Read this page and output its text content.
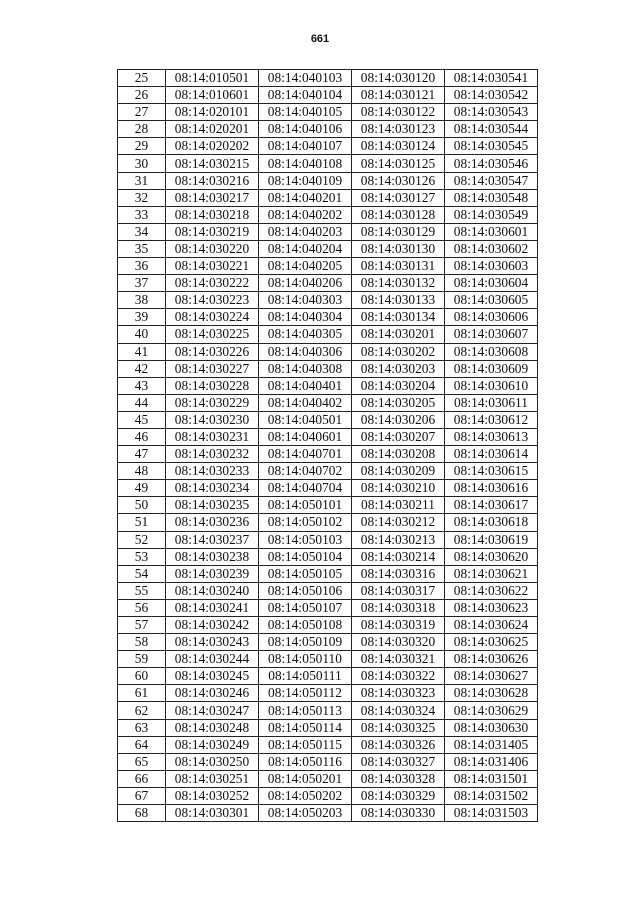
661
25	08:14:010501	08:14:040103	08:14:030120	08:14:030541
26	08:14:010601	08:14:040104	08:14:030121	08:14:030542
27	08:14:020101	08:14:040105	08:14:030122	08:14:030543
28	08:14:020201	08:14:040106	08:14:030123	08:14:030544
29	08:14:020202	08:14:040107	08:14:030124	08:14:030545
30	08:14:030215	08:14:040108	08:14:030125	08:14:030546
31	08:14:030216	08:14:040109	08:14:030126	08:14:030547
32	08:14:030217	08:14:040201	08:14:030127	08:14:030548
33	08:14:030218	08:14:040202	08:14:030128	08:14:030549
34	08:14:030219	08:14:040203	08:14:030129	08:14:030601
35	08:14:030220	08:14:040204	08:14:030130	08:14:030602
36	08:14:030221	08:14:040205	08:14:030131	08:14:030603
37	08:14:030222	08:14:040206	08:14:030132	08:14:030604
38	08:14:030223	08:14:040303	08:14:030133	08:14:030605
39	08:14:030224	08:14:040304	08:14:030134	08:14:030606
40	08:14:030225	08:14:040305	08:14:030201	08:14:030607
41	08:14:030226	08:14:040306	08:14:030202	08:14:030608
42	08:14:030227	08:14:040308	08:14:030203	08:14:030609
43	08:14:030228	08:14:040401	08:14:030204	08:14:030610
44	08:14:030229	08:14:040402	08:14:030205	08:14:030611
45	08:14:030230	08:14:040501	08:14:030206	08:14:030612
46	08:14:030231	08:14:040601	08:14:030207	08:14:030613
47	08:14:030232	08:14:040701	08:14:030208	08:14:030614
48	08:14:030233	08:14:040702	08:14:030209	08:14:030615
49	08:14:030234	08:14:040704	08:14:030210	08:14:030616
50	08:14:030235	08:14:050101	08:14:030211	08:14:030617
51	08:14:030236	08:14:050102	08:14:030212	08:14:030618
52	08:14:030237	08:14:050103	08:14:030213	08:14:030619
53	08:14:030238	08:14:050104	08:14:030214	08:14:030620
54	08:14:030239	08:14:050105	08:14:030316	08:14:030621
55	08:14:030240	08:14:050106	08:14:030317	08:14:030622
56	08:14:030241	08:14:050107	08:14:030318	08:14:030623
57	08:14:030242	08:14:050108	08:14:030319	08:14:030624
58	08:14:030243	08:14:050109	08:14:030320	08:14:030625
59	08:14:030244	08:14:050110	08:14:030321	08:14:030626
60	08:14:030245	08:14:050111	08:14:030322	08:14:030627
61	08:14:030246	08:14:050112	08:14:030323	08:14:030628
62	08:14:030247	08:14:050113	08:14:030324	08:14:030629
63	08:14:030248	08:14:050114	08:14:030325	08:14:030630
64	08:14:030249	08:14:050115	08:14:030326	08:14:031405
65	08:14:030250	08:14:050116	08:14:030327	08:14:031406
66	08:14:030251	08:14:050201	08:14:030328	08:14:031501
67	08:14:030252	08:14:050202	08:14:030329	08:14:031502
68	08:14:030301	08:14:050203	08:14:030330	08:14:031503
